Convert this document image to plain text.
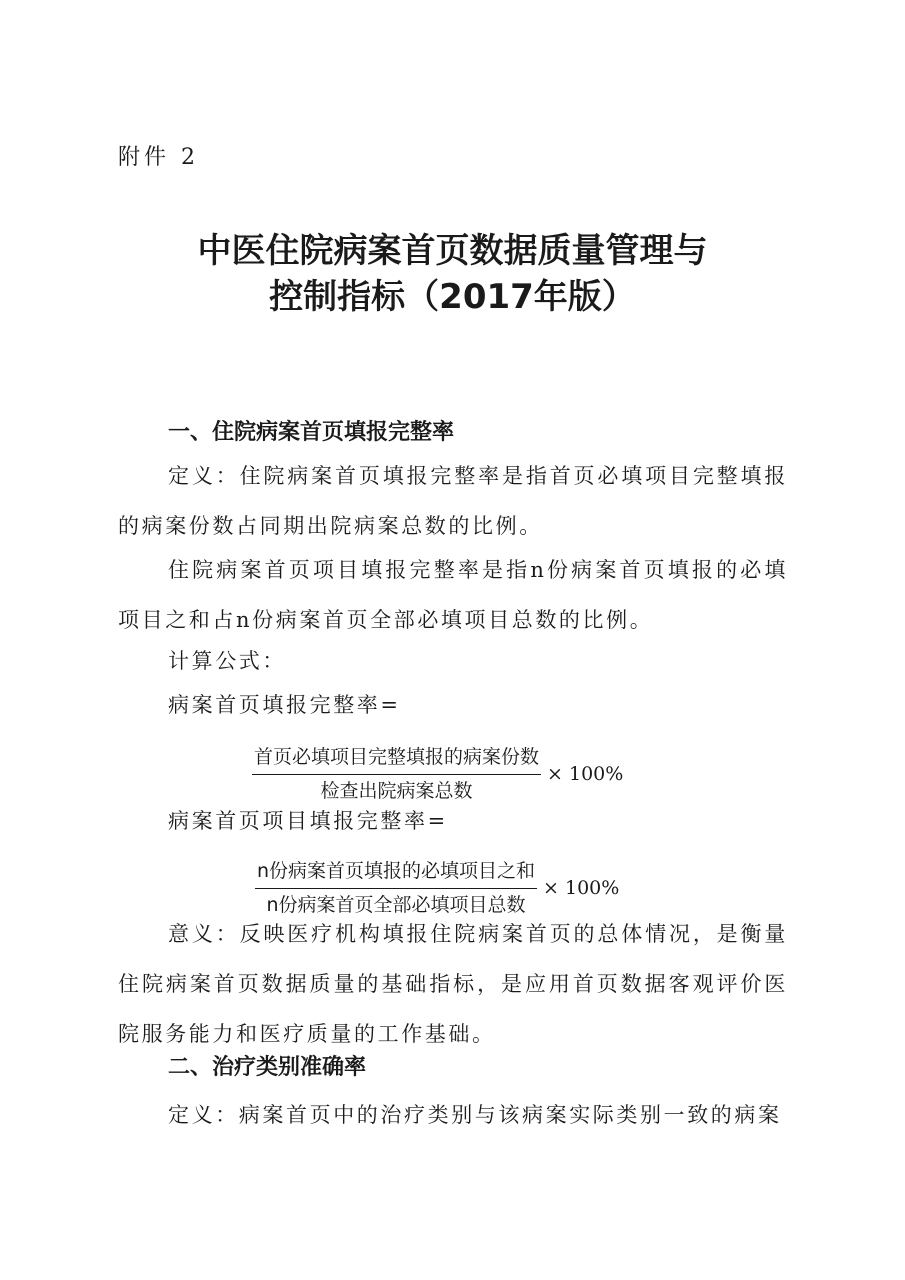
附件 2
中医住院病案首页数据质量管理与
控制指标（2017年版）
一、住院病案首页填报完整率
定义：住院病案首页填报完整率是指首页必填项目完整填报的病案份数占同期出院病案总数的比例。
住院病案首页项目填报完整率是指n份病案首页填报的必填项目之和占n份病案首页全部必填项目总数的比例。
计算公式：
病案首页填报完整率=
$\frac{\text{首页必填项目完整填报的病案份数}}{\text{检查出院病案总数}} \times 100\%$
病案首页项目填报完整率=
$\frac{\text{n份病案首页填报的必填项目之和}}{\text{n份病案首页全部必填项目总数}} \times 100\%$
意义：反映医疗机构填报住院病案首页的总体情况，是衡量住院病案首页数据质量的基础指标，是应用首页数据客观评价医院服务能力和医疗质量的工作基础。
二、治疗类别准确率
定义：病案首页中的治疗类别与该病案实际类别一致的病案
